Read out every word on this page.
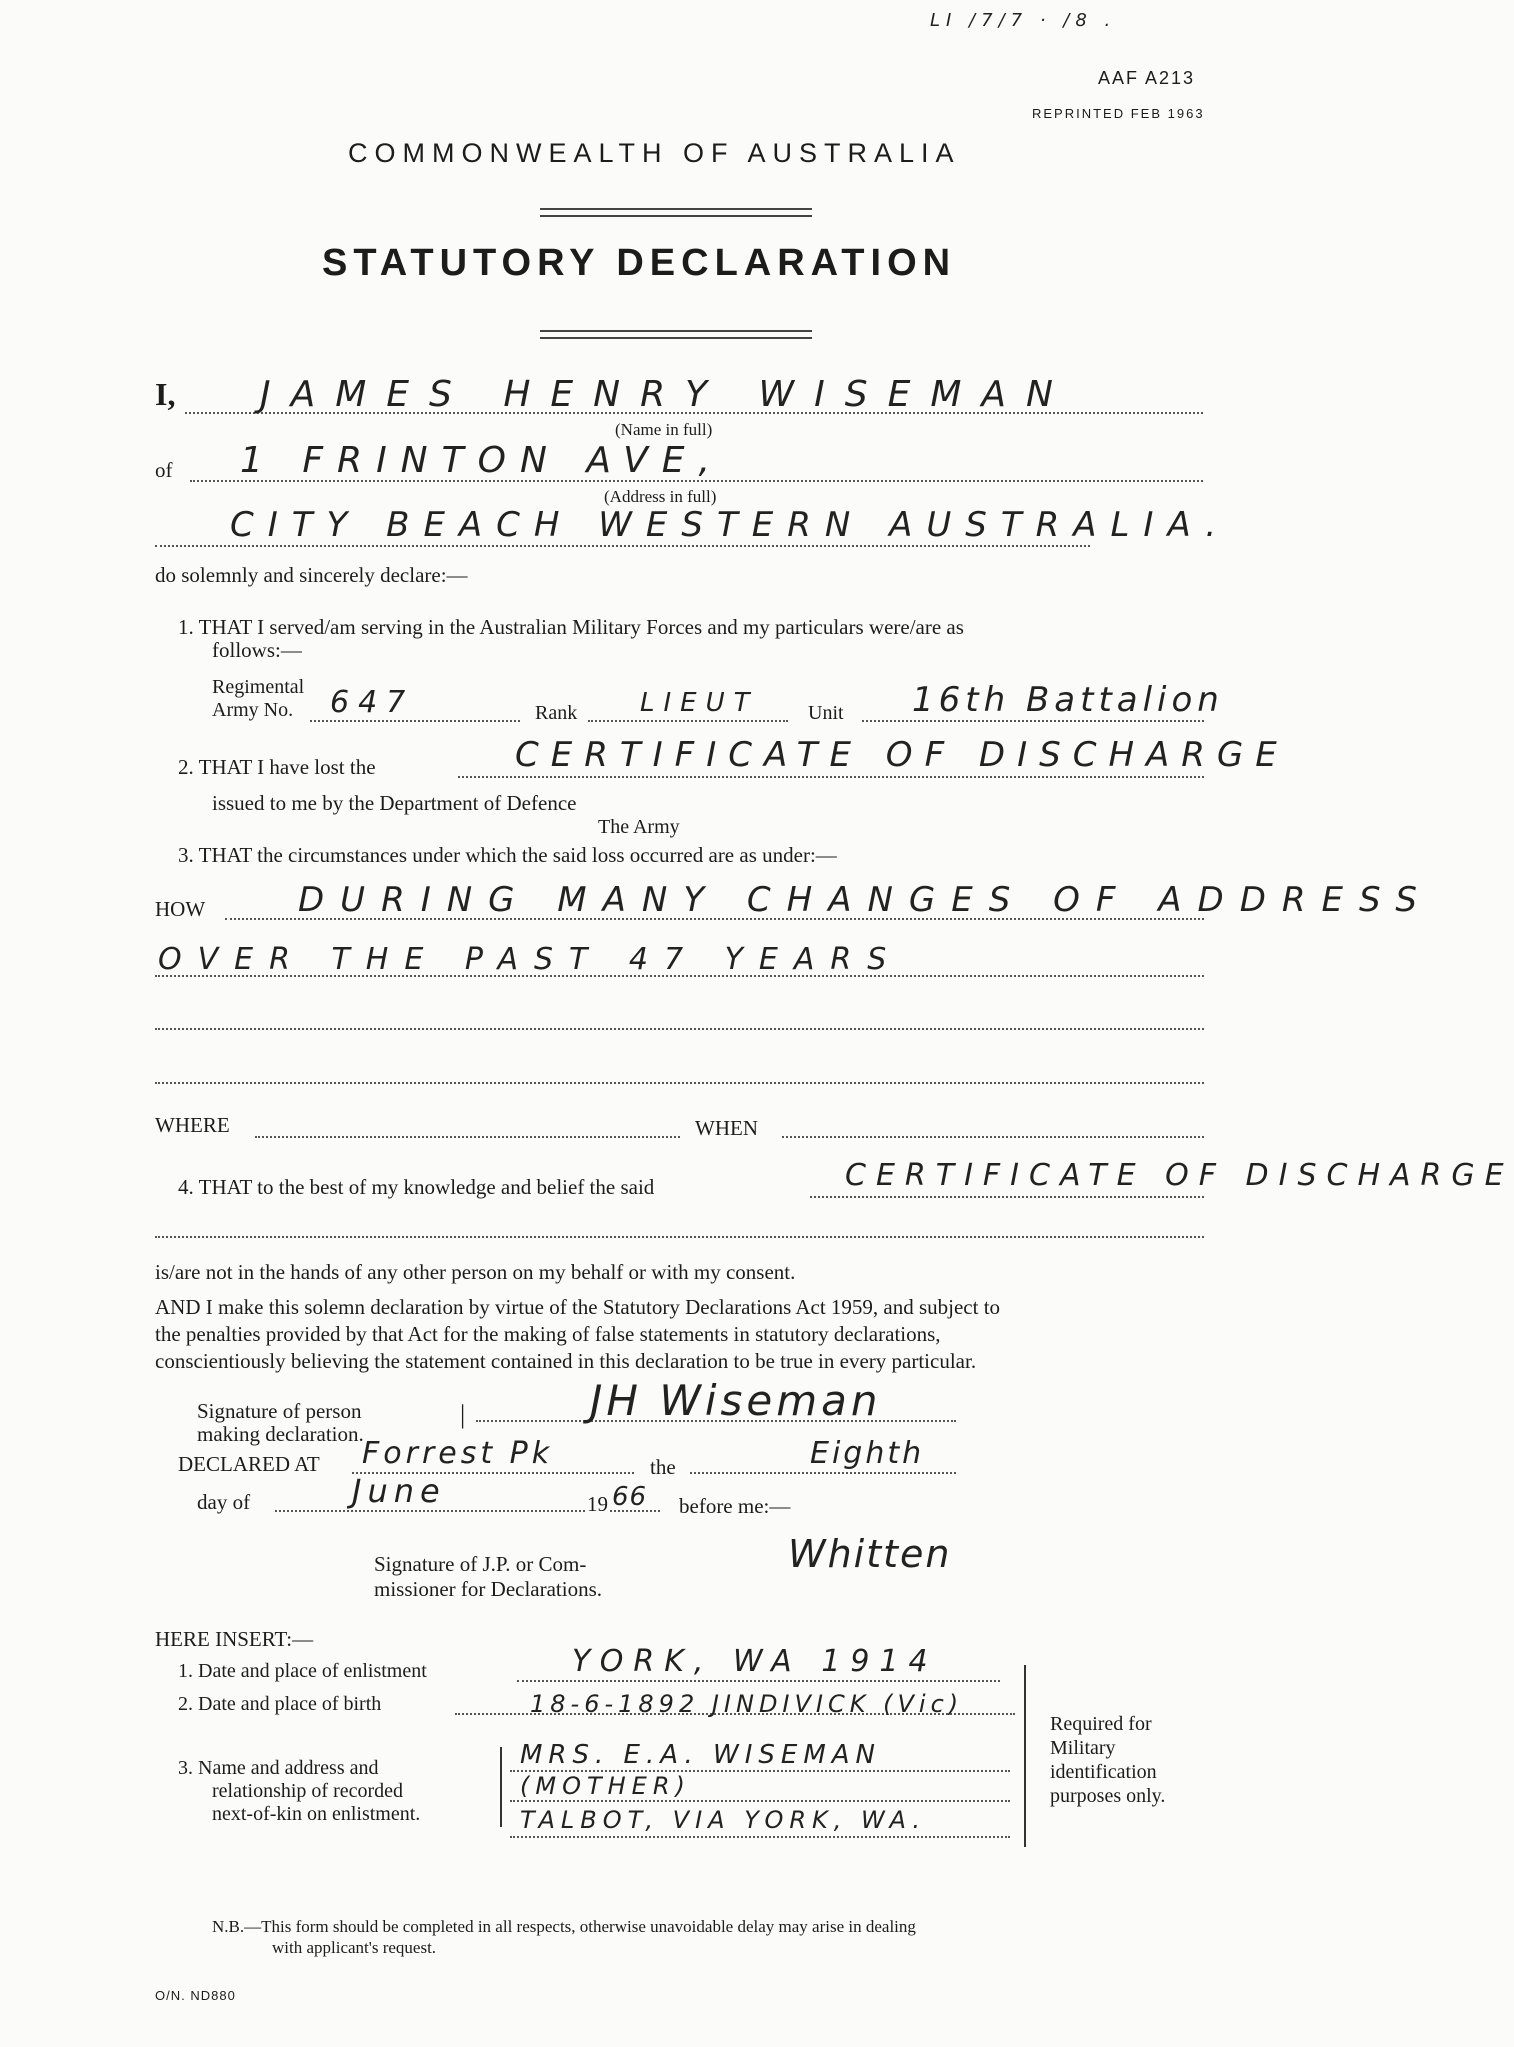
LI /7/7 · /8 .
AAF A213
REPRINTED FEB 1963
COMMONWEALTH OF AUSTRALIA
STATUTORY DECLARATION
I, JAMES HENRY WISEMAN
(Name in full)
of 1 FRINTON AVE,
(Address in full)
CITY BEACH WESTERN AUSTRALIA.
do solemnly and sincerely declare:—
1. THAT I served/am serving in the Australian Military Forces and my particulars were/are as
follows:—
Regimental
Army No. 647	Rank LIEUT Unit 16th Battalion
2. THAT I have lost the	CERTIFICATE OF DISCHARGE
issued to me by the Department of Defence
The Army
3. THAT the circumstances under which the said loss occurred are as under:—
HOW	DURING MANY CHANGES OF ADDRESS
OVER THE PAST 47 YEARS
WHERE	WHEN
4. THAT to the best of my knowledge and belief the said	CERTIFICATE OF DISCHARGE
is/are not in the hands of any other person on my behalf or with my consent.
AND I make this solemn declaration by virtue of the Statutory Declarations Act 1959, and subject to
the penalties provided by that Act for the making of false statements in statutory declarations,
conscientiously believing the statement contained in this declaration to be true in every particular.
Signature of person
making declaration.
|	JH Wiseman
DECLARED AT Forrest Pk	the	Eighth
day of	June	19 66 before me:—
Signature of J.P. or Com-
missioner for Declarations.
Whitten
HERE INSERT:—
1. Date and place of enlistment	YORK, WA 1914
2. Date and place of birth	18-6-1892 JINDIVICK (Vic)
3. Name and address and
relationship of recorded
next-of-kin on enlistment.
MRS. E.A. WISEMAN
(MOTHER)
TALBOT, VIA YORK, WA.
Required for
Military
identification
purposes only.
N.B.—This form should be completed in all respects, otherwise unavoidable delay may arise in dealing
with applicant's request.
O/N. ND880
